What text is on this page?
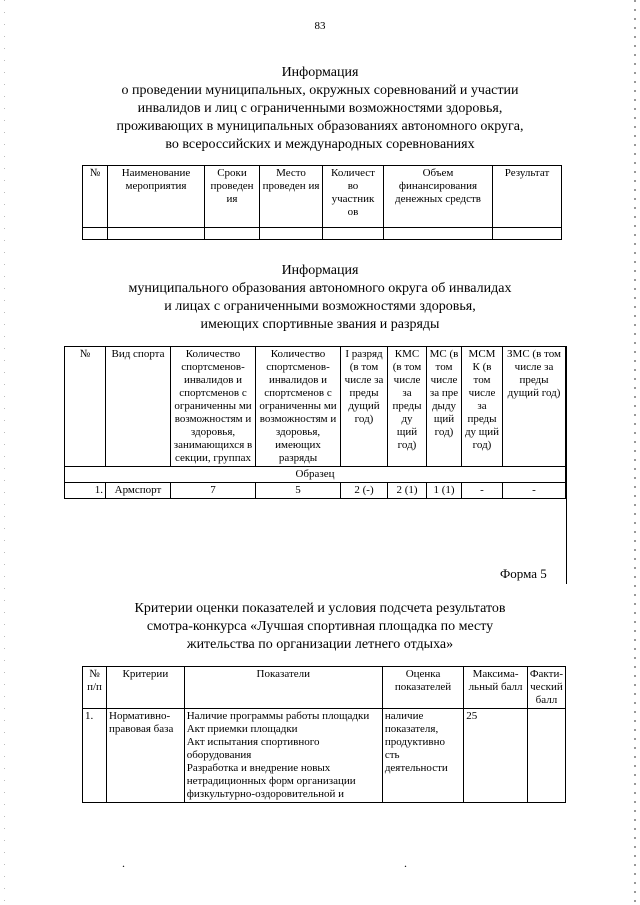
83
Информация
о проведении муниципальных, окружных соревнований и участии
инвалидов и лиц с ограниченными возможностями здоровья,
проживающих в муниципальных образованиях автономного округа,
во всероссийских и международных соревнованиях
№	Наименование мероприятия	Сроки проведен ия	Место проведен ия	Количест во участник ов	Объем финансирования денежных средств	Результат

Информация
муниципального образования автономного округа об инвалидах
и лицах с ограниченными возможностями здоровья,
имеющих спортивные звания и разряды
№	Вид спорта	Количество спортсменов-инвалидов и спортсменов с ограниченны ми возможностям и здоровья, занимающихся в секции, группах	Количество спортсменов-инвалидов и спортсменов с ограниченны ми возможностям и здоровья, имеющих разряды	I разряд (в том числе за преды дущий год)	КМС (в том числе за преды ду щий год)	МС (в том числе за пре дыду щий год)	МСМ К (в том числе за преды ду щий год)	ЗМС (в том числе за преды дущий год)
Образец								
1.	Армспорт	7	5	2 (-)	2 (1)	1 (1)	-	-
Форма 5
Критерии оценки показателей и условия подсчета результатов
смотра-конкурса «Лучшая спортивная площадка по месту
жительства по организации летнего отдыха»
№ п/п	Критерии	Показатели	Оценка показателей	Максима-льный балл	Факти-ческий балл
1.	Нормативно-правовая база	Наличие программы работы площадки
Акт приемки площадки
Акт испытания спортивного оборудования
Разработка и внедрение новых нетрадиционных форм организации физкультурно-оздоровительной и	наличие показателя, продуктивно сть деятельности	25	
.	.
